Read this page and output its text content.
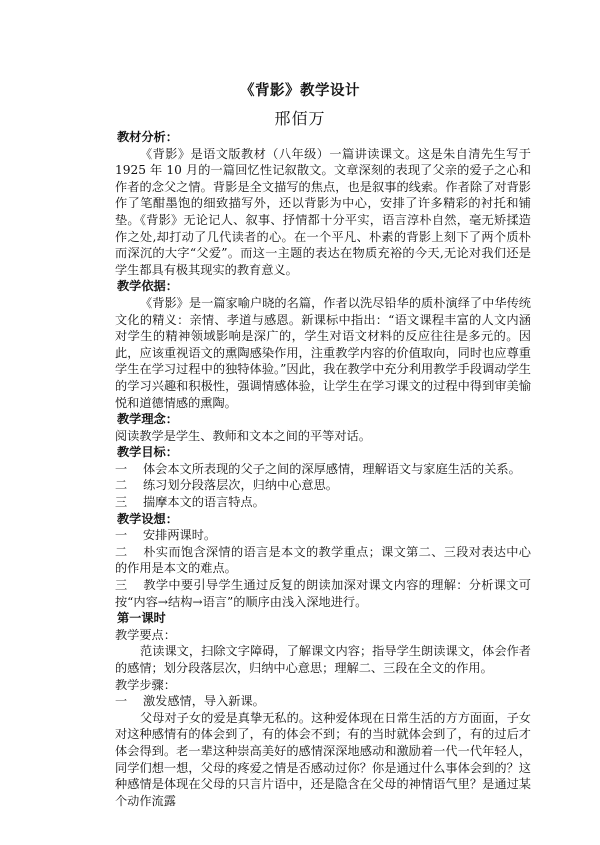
《背影》教学设计
邢佰万

教材分析：

《背影》是语文版教材（八年级）一篇讲读课文。这是朱自清先生写于 1925 年 10 月的一篇回忆性记叙散文。文章深刻的表现了父亲的爱子之心和作者的念父之情。背影是全文描写的焦点，也是叙事的线索。作者除了对背影作了笔酣墨饱的细致描写外，还以背影为中心，安排了许多精彩的衬托和铺垫。《背影》无论记人、叙事、抒情都十分平实，语言淳朴自然，毫无矫揉造作之处,却打动了几代读者的心。在一个平凡、朴素的背影上刻下了两个质朴而深沉的大字“父爱”。而这一主题的表达在物质充裕的今天,无论对我们还是学生都具有极其现实的教育意义。

教学依据：

《背影》是一篇家喻户晓的名篇，作者以洗尽铅华的质朴演绎了中华传统文化的精义：亲情、孝道与感恩。新课标中指出：“语文课程丰富的人文内涵对学生的精神领域影响是深广的，学生对语文材料的反应往往是多元的。因此，应该重视语文的熏陶感染作用，注重教学内容的价值取向，同时也应尊重学生在学习过程中的独特体验。”因此，我在教学中充分利用教学手段调动学生的学习兴趣和积极性，强调情感体验，让学生在学习课文的过程中得到审美愉悦和道德情感的熏陶。

教学理念：

阅读教学是学生、教师和文本之间的平等对话。

教学目标：

一 体会本文所表现的父子之间的深厚感情，理解语文与家庭生活的关系。

二 练习划分段落层次，归纳中心意思。

三 揣摩本文的语言特点。

教学设想：

一 安排两课时。

二 朴实而饱含深情的语言是本文的教学重点；课文第二、三段对表达中心的作用是本文的难点。

三 教学中要引导学生通过反复的朗读加深对课文内容的理解：分析课文可按“内容→结构→语言”的顺序由浅入深地进行。

第一课时

教学要点：

范读课文，扫除文字障碍，了解课文内容；指导学生朗读课文，体会作者的感情；划分段落层次，归纳中心意思；理解二、三段在全文的作用。

教学步骤：

一 激发感情，导入新课。

父母对子女的爱是真挚无私的。这种爱体现在日常生活的方方面面，子女对这种感情有的体会到了，有的体会不到；有的当时就体会到了，有的过后才体会得到。老一辈这种崇高美好的感情深深地感动和激励着一代一代年轻人，同学们想一想，父母的疼爱之情是否感动过你？你是通过什么事体会到的？这种感情是体现在父母的只言片语中，还是隐含在父母的神情语气里？是通过某个动作流露
